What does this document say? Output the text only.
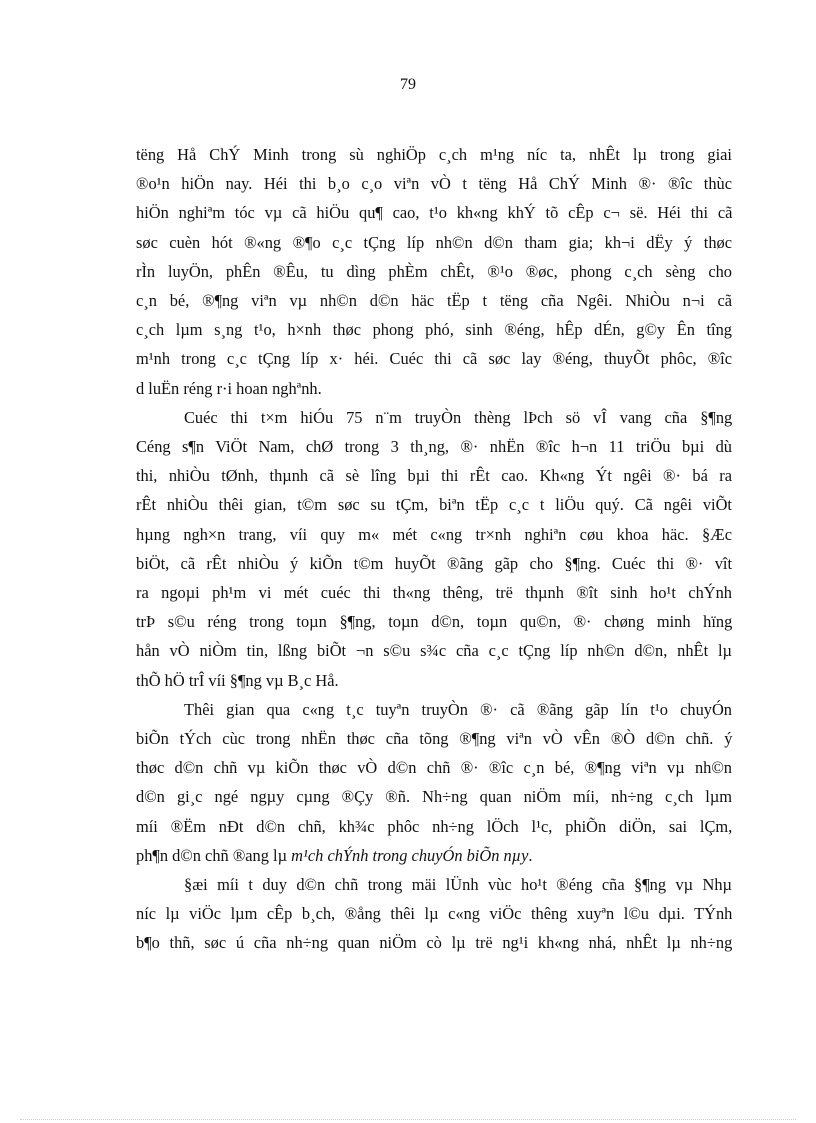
79

tëng Hå ChÝ Minh trong sù nghiÖp c¸ch m¹ng níc ta, nhÊt lµ trong giai
®o¹n hiÖn nay. Héi thi b¸o c¸o viªn vÒ t tëng Hå ChÝ Minh ®· ®îc thùc
hiÖn nghiªm tóc vµ cã hiÖu qu¶ cao, t¹o kh«ng khÝ tõ cÊp c¬ së. Héi thi cã
søc cuèn hót ®«ng ®¶o c¸c tÇng líp nh©n d©n tham gia; kh¬i dËy ý thøc
rÌn luyÖn, phÊn ®Êu, tu dìng phÈm chÊt, ®¹o ®øc, phong c¸ch sèng cho
c¸n bé, ®¶ng viªn vµ nh©n d©n häc tËp t tëng cña Ngêi. NhiÒu n¬i cã
c¸ch lµm s¸ng t¹o, h×nh thøc phong phó, sinh ®éng, hÊp dÉn, g©y Ên tîng
m¹nh trong c¸c tÇng líp x· héi. Cuéc thi cã søc lay ®éng, thuyÕt phôc, ®îc
d luËn réng r·i hoan nghªnh.

Cuéc thi t×m hiÓu 75 n¨m truyÒn thèng lÞch sö vÎ vang cña §¶ng
Céng s¶n ViÖt Nam, chØ trong 3 th¸ng, ®· nhËn ®îc h¬n 11 triÖu bµi dù
thi, nhiÒu tØnh, thµnh cã sè lîng bµi thi rÊt cao. Kh«ng Ýt ngêi ®· bá ra
rÊt nhiÒu thêi gian, t©m søc su tÇm, biªn tËp c¸c t liÖu quý. Cã ngêi viÕt
hµng ngh×n trang, víi quy m« mét c«ng tr×nh nghiªn cøu khoa häc. §Æc
biÖt, cã rÊt nhiÒu ý kiÕn t©m huyÕt ®ãng gãp cho §¶ng. Cuéc thi ®· vît
ra ngoµi ph¹m vi mét cuéc thi th«ng thêng, trë thµnh ®ît sinh ho¹t chÝnh
trÞ s©u réng trong toµn §¶ng, toµn d©n, toµn qu©n, ®· chøng minh hïng
hån vÒ niÒm tin, lßng biÕt ¬n s©u s¾c cña c¸c tÇng líp nh©n d©n, nhÊt lµ
thÕ hÖ trÎ víi §¶ng vµ B¸c Hå.

Thêi gian qua c«ng t¸c tuyªn truyÒn ®· cã ®ãng gãp lín t¹o chuyÓn
biÕn tÝch cùc trong nhËn thøc cña tõng ®¶ng viªn vÒ vÊn ®Ò d©n chñ. ý
thøc d©n chñ vµ kiÕn thøc vÒ d©n chñ ®· ®îc c¸n bé, ®¶ng viªn vµ nh©n
d©n gi¸c ngé ngµy cµng ®Çy ®ñ. Nh÷ng quan niÖm míi, nh÷ng c¸ch lµm
míi ®Ëm nÐt d©n chñ, kh¾c phôc nh÷ng lÖch l¹c, phiÕn diÖn, sai lÇm,
ph¶n d©n chñ ®ang lµ m¹ch chÝnh trong chuyÓn biÕn nµy.

§æi míi t duy d©n chñ trong mäi lÜnh vùc ho¹t ®éng cña §¶ng vµ Nhµ
níc lµ viÖc lµm cÊp b¸ch, ®ång thêi lµ c«ng viÖc thêng xuyªn l©u dµi. TÝnh
b¶o thñ, søc ú cña nh÷ng quan niÖm cò lµ trë ng¹i kh«ng nhá, nhÊt lµ nh÷ng
